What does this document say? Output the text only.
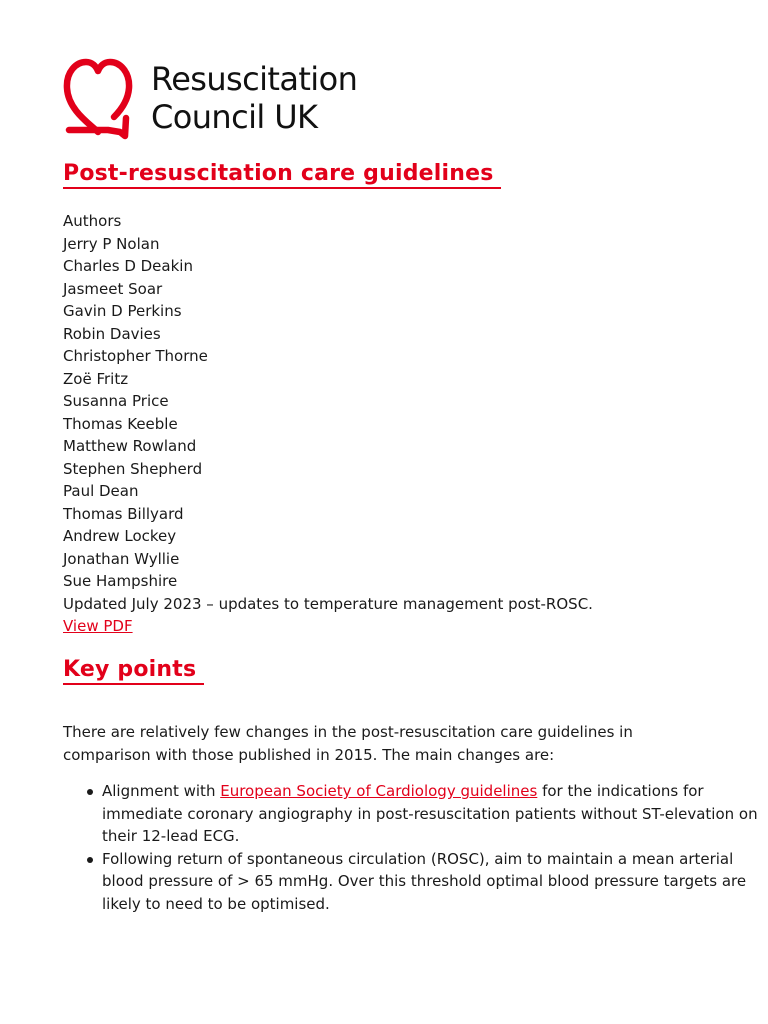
Resuscitation
Council UK
Post-resuscitation care guidelines
Authors
Jerry P Nolan
Charles D Deakin
Jasmeet Soar
Gavin D Perkins
Robin Davies
Christopher Thorne
Zoë Fritz
Susanna Price
Thomas Keeble
Matthew Rowland
Stephen Shepherd
Paul Dean
Thomas Billyard
Andrew Lockey
Jonathan Wyllie
Sue Hampshire
Updated July 2023 – updates to temperature management post-ROSC.
View PDF
Key points

There are relatively few changes in the post-resuscitation care guidelines in comparison with those published in 2015. The main changes are:

Alignment with European Society of Cardiology guidelines for the indications for immediate coronary angiography in post-resuscitation patients without ST-elevation on their 12-lead ECG.
Following return of spontaneous circulation (ROSC), aim to maintain a mean arterial blood pressure of > 65 mmHg. Over this threshold optimal blood pressure targets are likely to need to be optimised.
